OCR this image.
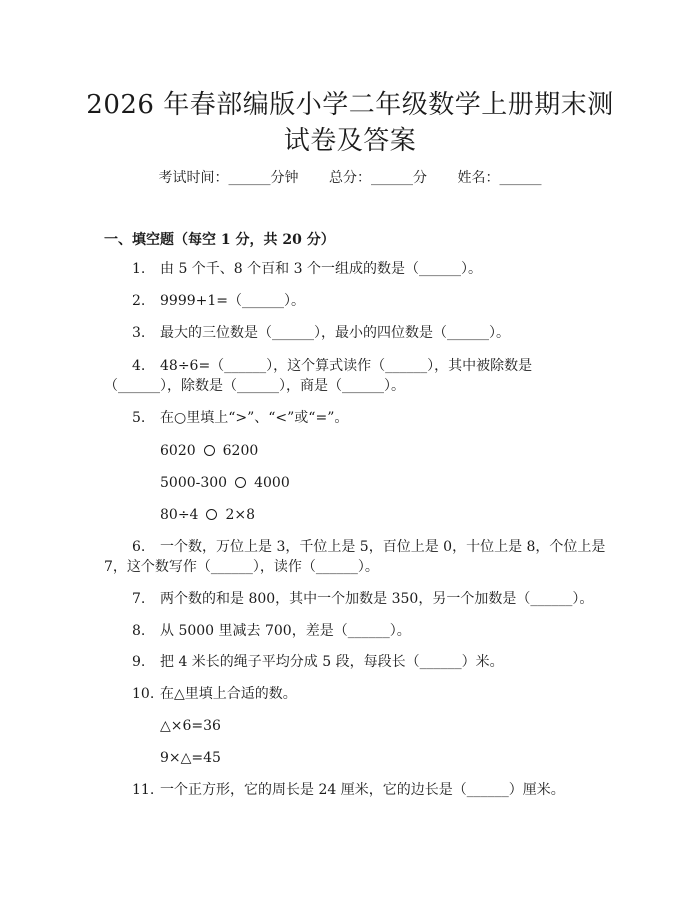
2026 年春部编版小学二年级数学上册期末测
试卷及答案
考试时间：______分钟 总分：______分 姓名：______
一、填空题（每空 1 分，共 20 分）
1. 由 5 个千、8 个百和 3 个一组成的数是（______）。
2. 9999+1=（______）。
3. 最大的三位数是（______），最小的四位数是（______）。
4. 48÷6=（______），这个算式读作（______），其中被除数是
（______），除数是（______），商是（______）。
5. 在○里填上“>”、“<”或“=”。
6020 6200
5000-300 4000
80÷4 2×8
6. 一个数，万位上是 3，千位上是 5，百位上是 0，十位上是 8，个位上是
7，这个数写作（______），读作（______）。
7. 两个数的和是 800，其中一个加数是 350，另一个加数是（______）。
8. 从 5000 里减去 700，差是（______）。
9. 把 4 米长的绳子平均分成 5 段，每段长（______）米。
10. 在△里填上合适的数。
△×6=36
9×△=45
11. 一个正方形，它的周长是 24 厘米，它的边长是（______）厘米。
